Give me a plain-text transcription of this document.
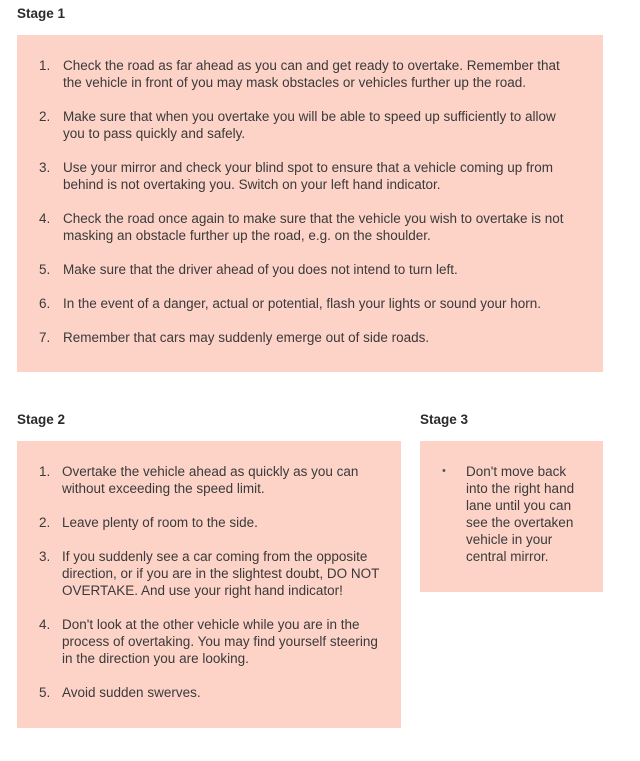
Stage 1
1. Check the road as far ahead as you can and get ready to overtake. Remember that the vehicle in front of you may mask obstacles or vehicles further up the road.
2. Make sure that when you overtake you will be able to speed up sufficiently to allow you to pass quickly and safely.
3. Use your mirror and check your blind spot to ensure that a vehicle coming up from behind is not overtaking you. Switch on your left hand indicator.
4. Check the road once again to make sure that the vehicle you wish to overtake is not masking an obstacle further up the road, e.g. on the shoulder.
5. Make sure that the driver ahead of you does not intend to turn left.
6. In the event of a danger, actual or potential, flash your lights or sound your horn.
7. Remember that cars may suddenly emerge out of side roads.
Stage 2
1. Overtake the vehicle ahead as quickly as you can without exceeding the speed limit.
2. Leave plenty of room to the side.
3. If you suddenly see a car coming from the opposite direction, or if you are in the slightest doubt, DO NOT OVERTAKE. And use your right hand indicator!
4. Don't look at the other vehicle while you are in the process of overtaking. You may find yourself steering in the direction you are looking.
5. Avoid sudden swerves.
Stage 3
• Don't move back into the right hand lane until you can see the overtaken vehicle in your central mirror.
